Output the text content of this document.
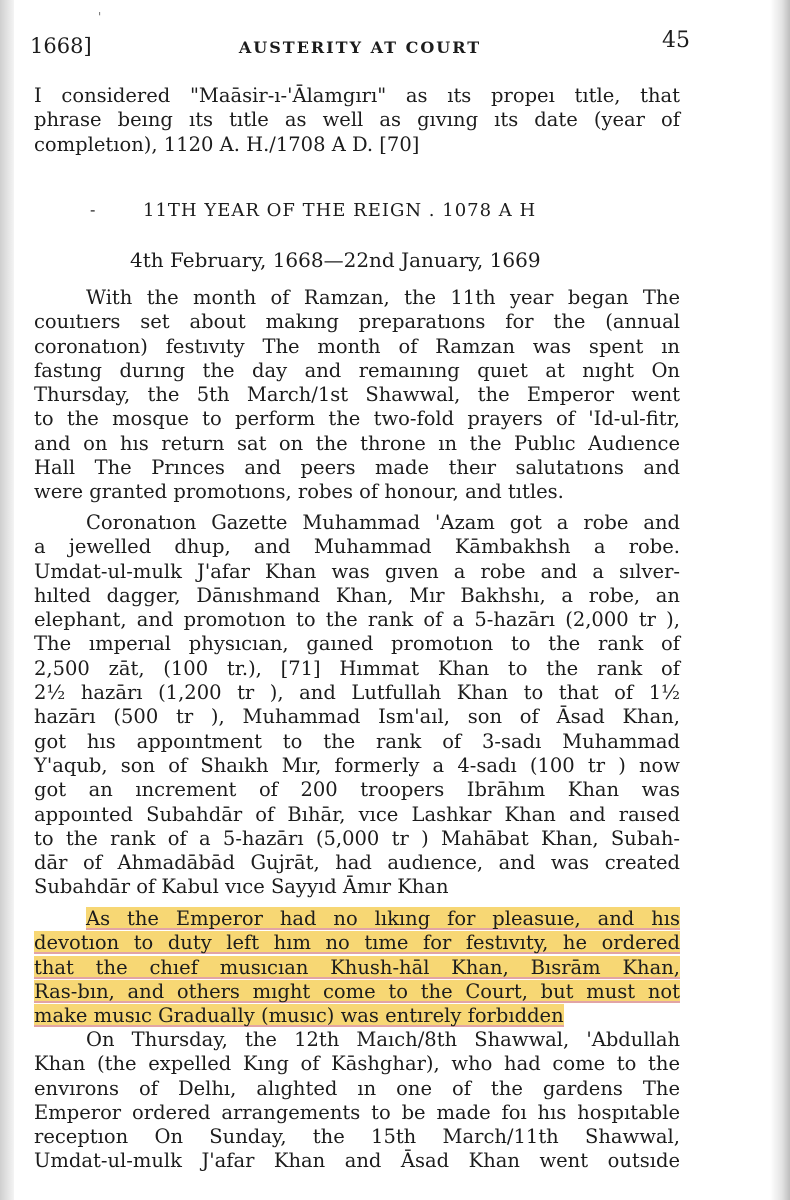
'
1668]	AUSTERITY AT COURT	45
I considered "Maāsir-ı-'Ālamgırı" as ıts propeı tıtle, that
phrase beıng ıts tıtle as well as gıvıng ıts date (year of
completıon), 1120 A. H./1708 A D. [70]
‑	11TH YEAR OF THE REIGN . 1078 A H
4th February, 1668—22nd January, 1669
With the month of Ramzan, the 11th year began The
couıtıers set about makıng preparatıons for the (annual
coronatıon) festıvıty The month of Ramzan was spent ın
fastıng durıng the day and remaınıng quıet at nıght On
Thursday, the 5th March/1st Shawwal, the Emperor went
to the mosque to perform the two-fold prayers of 'Id-ul-fitr,
and on hıs return sat on the throne ın the Publıc Audıence
Hall The Prınces and peers made theır salutatıons and
were granted promotıons, robes of honour, and tıtles.
Coronatıon Gazette Muhammad 'Azam got a robe and
a jewelled dhup, and Muhammad Kāmbakhsh a robe.
Umdat-ul-mulk J'afar Khan was gıven a robe and a sılver-
hılted dagger, Dānıshmand Khan, Mır Bakhshı, a robe, an
elephant, and promotıon to the rank of a 5-hazārı (2,000 tr ),
The ımperıal physıcıan, gaıned promotıon to the rank of
2,500 zāt, (100 tr.), [71] Hımmat Khan to the rank of
2½ hazārı (1,200 tr ), and Lutfullah Khan to that of 1½
hazārı (500 tr ), Muhammad Ism'aıl, son of Āsad Khan,
got hıs appoıntment to the rank of 3-sadı Muhammad
Y'aqub, son of Shaıkh Mır, formerly a 4-sadı (100 tr ) now
got an ıncrement of 200 troopers Ibrāhım Khan was
appoınted Subahdār of Bıhār, vıce Lashkar Khan and raısed
to the rank of a 5-hazārı (5,000 tr ) Mahābat Khan, Subah-
dār of Ahmadābād Gujrāt, had audıence, and was created
Subahdār of Kabul vıce Sayyıd Āmır Khan
As the Emperor had no lıkıng for pleasuıe, and hıs
devotıon to duty left hım no tıme for festıvıty, he ordered
that the chıef musıcıan Khush-hāl Khan, Bısrām Khan,
Ras-bın, and others mıght come to the Court, but must not
make musıc Gradually (musıc) was entırely forbıdden
On Thursday, the 12th Maıch/8th Shawwal, 'Abdullah
Khan (the expelled Kıng of Kāshghar), who had come to the
envırons of Delhı, alıghted ın one of the gardens The
Emperor ordered arrangements to be made foı hıs hospıtable
receptıon On Sunday, the 15th March/11th Shawwal,
Umdat-ul-mulk J'afar Khan and Āsad Khan went outsıde
